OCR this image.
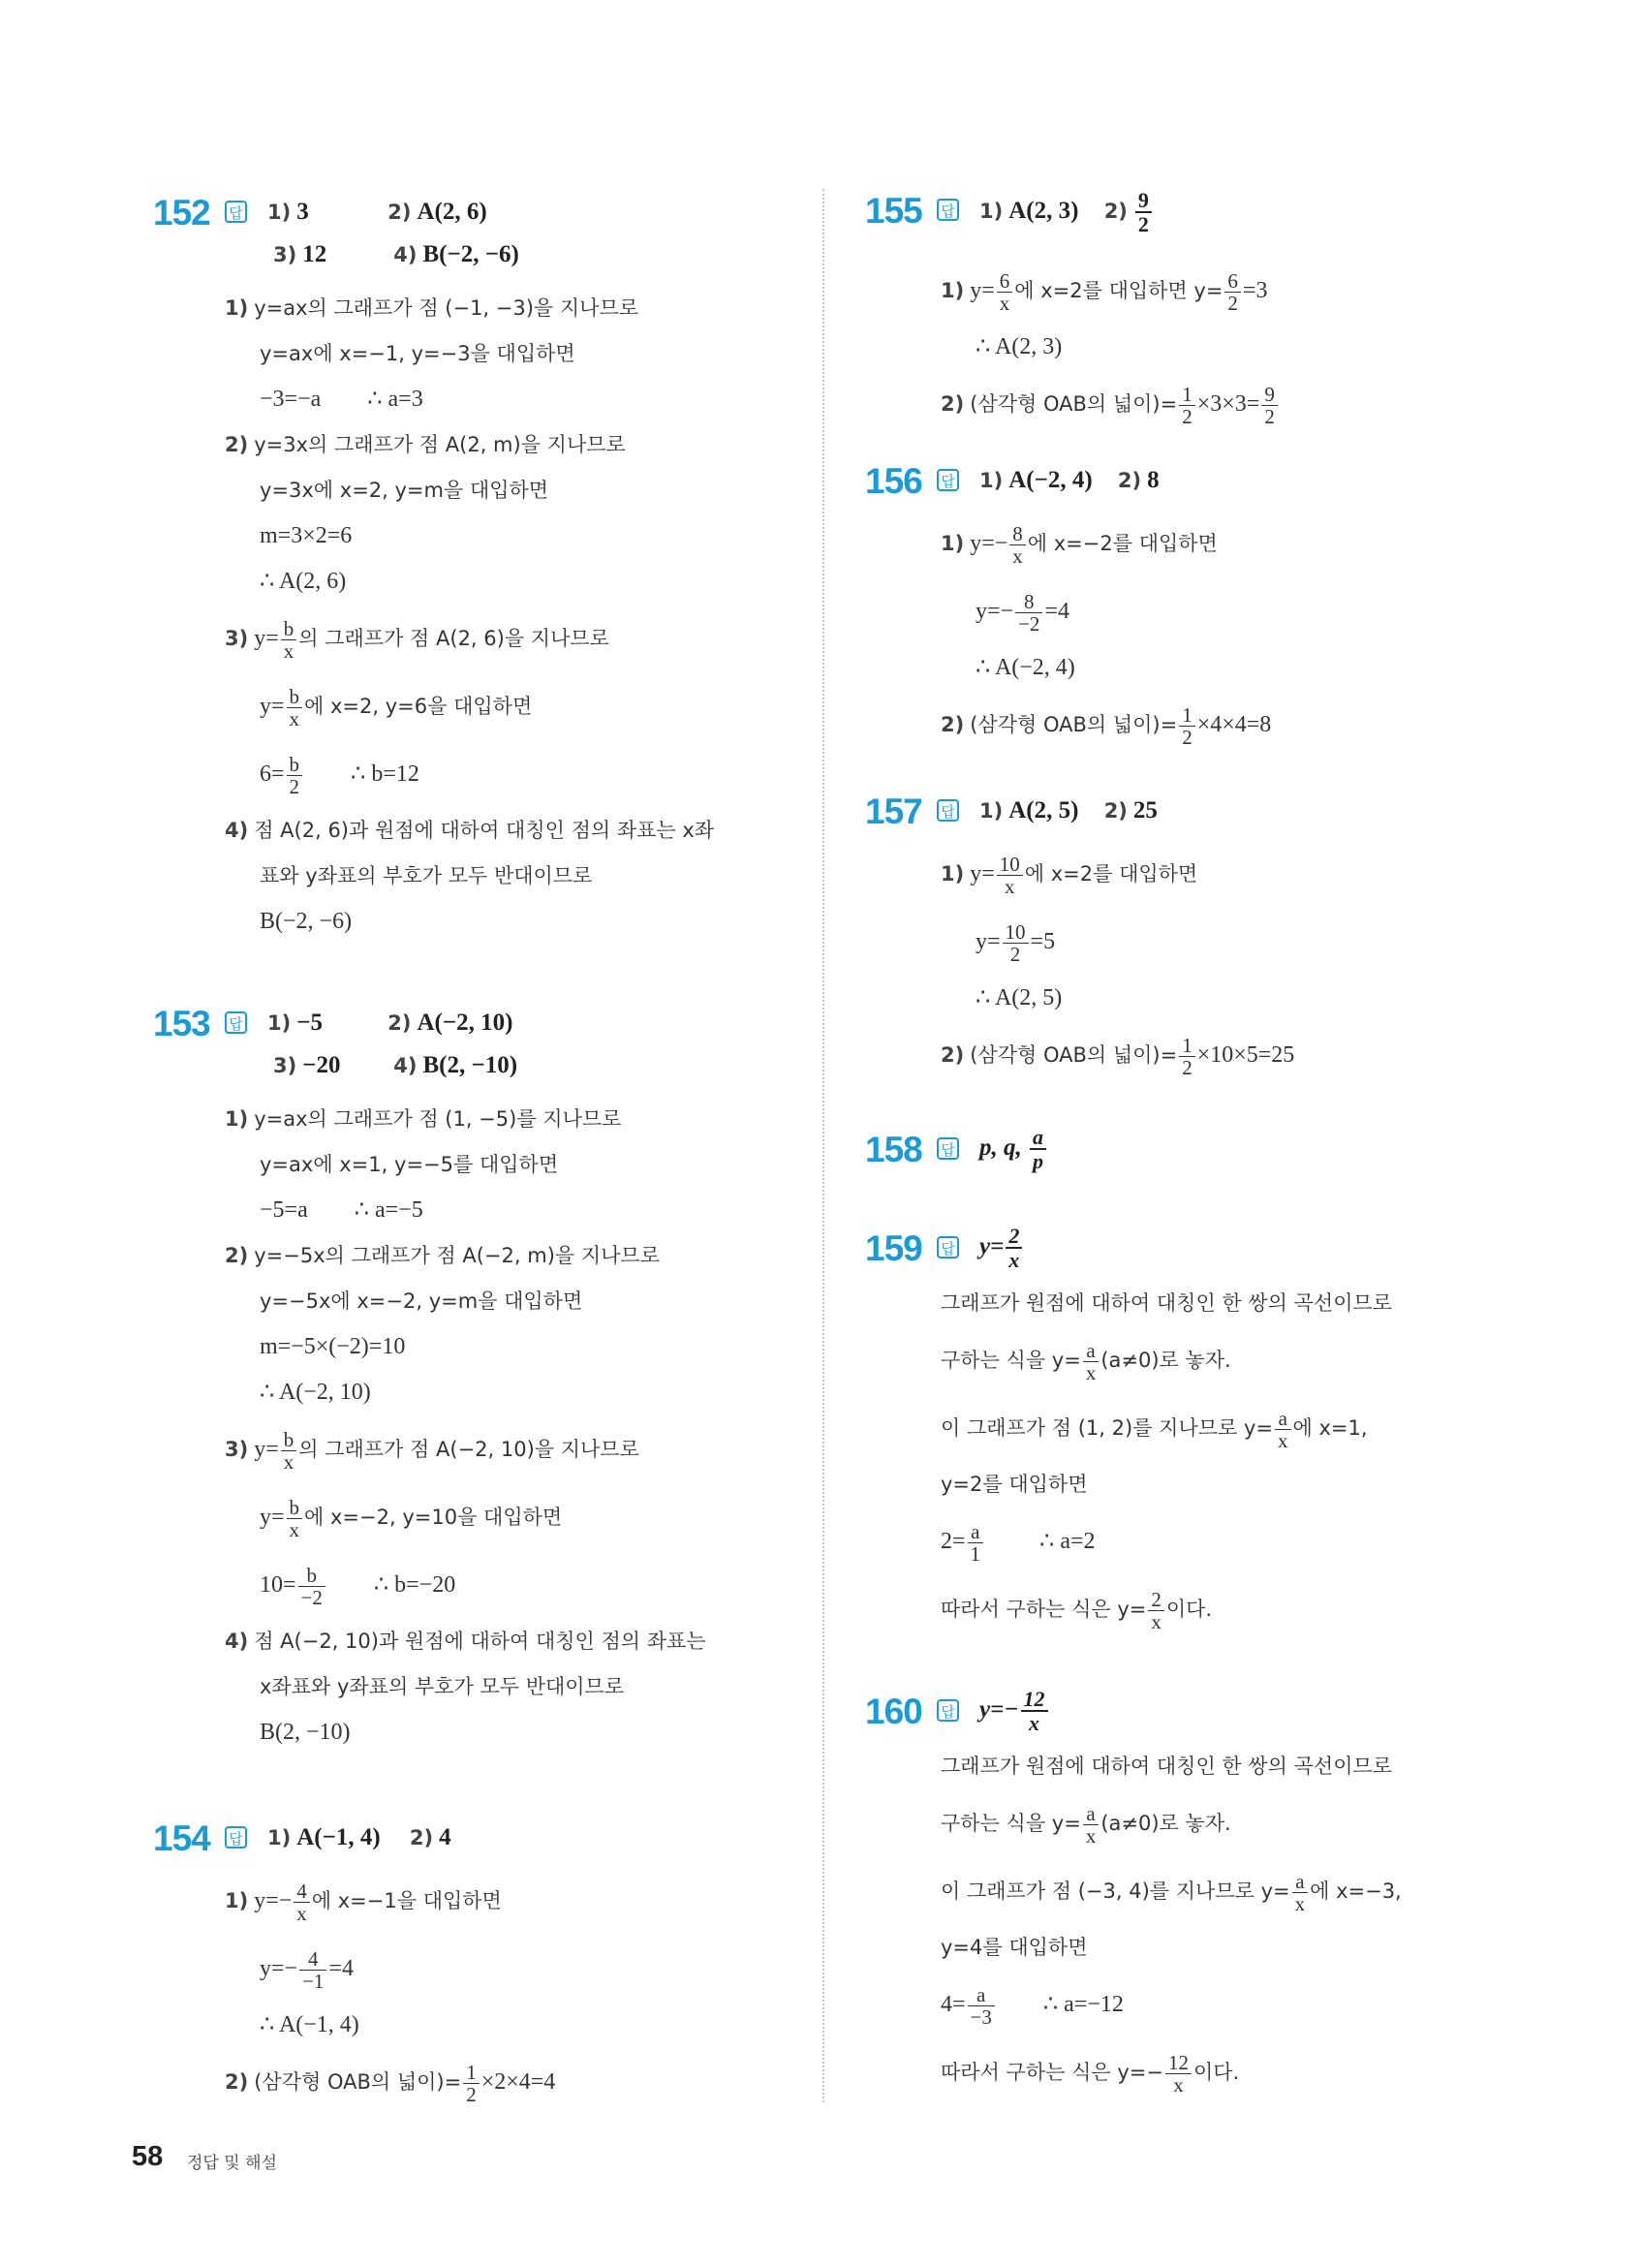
152 답 1) 3	2) A(2, 6)
3) 12	4) B(−2, −6)
1) y=ax의 그래프가 점 (−1, −3)을 지나므로
y=ax에 x=−1, y=−3을 대입하면
−3=−a        ∴ a=3
2) y=3x의 그래프가 점 A(2, m)을 지나므로
y=3x에 x=2, y=m을 대입하면
m=3×2=6
∴ A(2, 6)
3) $y= \frac{b}{x}$ 의 그래프가 점 A(2, 6)을 지나므로
$y= \frac{b}{x}$ 에 x=2, y=6을 대입하면
$6= \frac{b}{2}$ ∴ b=12
4) 점 A(2, 6)과 원점에 대하여 대칭인 점의 좌표는 x좌
표와 y좌표의 부호가 모두 반대이므로
B(−2, −6)
153 답 1) −5	2) A(−2, 10)
3) −20	4) B(2, −10)
1) y=ax의 그래프가 점 (1, −5)를 지나므로
y=ax에 x=1, y=−5를 대입하면
−5=a        ∴ a=−5
2) y=−5x의 그래프가 점 A(−2, m)을 지나므로
y=−5x에 x=−2, y=m을 대입하면
m=−5×(−2)=10
∴ A(−2, 10)
3) $y= \frac{b}{x}$ 의 그래프가 점 A(−2, 10)을 지나므로
$y= \frac{b}{x}$ 에 x=−2, y=10을 대입하면
$10= \frac{b}{-2}$ ∴ b=−20
4) 점 A(−2, 10)과 원점에 대하여 대칭인 점의 좌표는
x좌표와 y좌표의 부호가 모두 반대이므로
B(2, −10)
154 답 1) A(−1, 4) 2) 4
1) $y=- \frac{4}{x}$ 에 x=−1을 대입하면
$y=- \frac{4}{-1} =4$
∴ A(−1, 4)
2) (삼각형 OAB의 넓이)= $\frac{1}{2} \times 2\times 4=4$
155 답 1) A(2, 3) $2) \frac{9}{2}$
1) $y= \frac{6}{x}$ 에 x=2를 대입하면 $y= \frac{6}{2} =3$
∴ A(2, 3)
2) (삼각형 OAB의 넓이)= $\frac{1}{2} \times 3\times 3= \frac{9}{2}$
156 답 1) A(−2, 4) 2) 8
1) $y=- \frac{8}{x}$ 에 x=−2를 대입하면
$y=- \frac{8}{-2} =4$
∴ A(−2, 4)
2) (삼각형 OAB의 넓이)= $\frac{1}{2} \times 4\times 4=8$
157 답 1) A(2, 5) 2) 25
1) $y= \frac{10}{x}$ 에 x=2를 대입하면
$y= \frac{10}{2} =5$
∴ A(2, 5)
2) (삼각형 OAB의 넓이)= $\frac{1}{2} \times 10\times 5=25$
158 답 p, q, $\frac{a}{p}$
159 답 $y= \frac{2}{x}$
그래프가 원점에 대하여 대칭인 한 쌍의 곡선이므로
구하는 식을 $y= \frac{a}{x} (a\ne 0)$로 놓자.
이 그래프가 점 (1, 2)를 지나므로 $y= \frac{a}{x}$ 에 x=1,
y=2를 대입하면
$2= \frac{a}{1}$ ∴ a=2
따라서 구하는 식은 $y= \frac{2}{x}$ 이다.
160 답 $y=- \frac{12}{x}$
그래프가 원점에 대하여 대칭인 한 쌍의 곡선이므로
구하는 식을 $y= \frac{a}{x} (a\ne 0)$로 놓자.
이 그래프가 점 (−3, 4)를 지나므로 $y= \frac{a}{x}$ 에 x=−3,
y=4를 대입하면
$4= \frac{a}{-3}$ ∴ a=−12
따라서 구하는 식은 $y=- \frac{12}{x}$ 이다.
58 정답 및 해설
